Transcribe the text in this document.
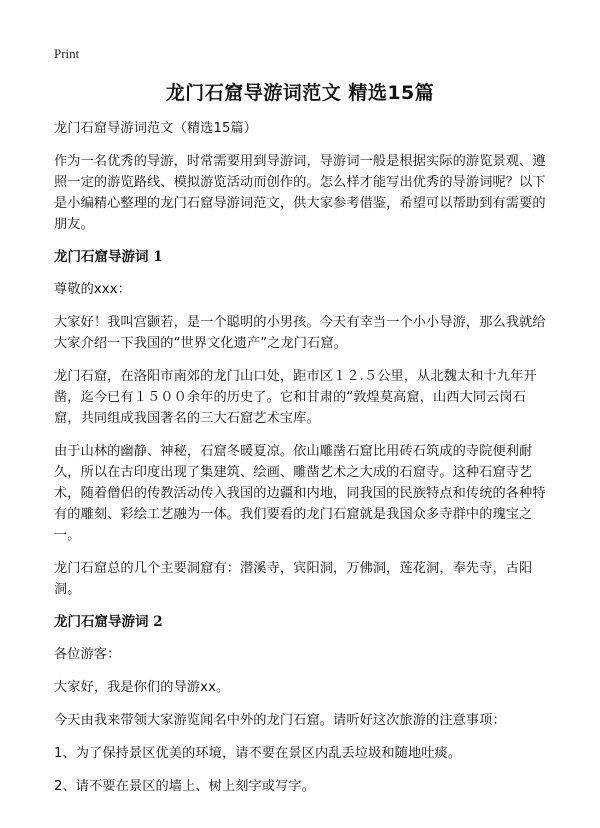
Print
龙门石窟导游词范文 精选15篇

龙门石窟导游词范文（精选15篇）

作为一名优秀的导游，时常需要用到导游词，导游词一般是根据实际的游览景观、遵照一定的游览路线、模拟游览活动而创作的。怎么样才能写出优秀的导游词呢？以下是小编精心整理的龙门石窟导游词范文，供大家参考借鉴，希望可以帮助到有需要的朋友。

龙门石窟导游词 1

尊敬的xxx：

大家好！我叫宫颢若，是一个聪明的小男孩。今天有幸当一个小小导游，那么我就给大家介绍一下我国的“世界文化遗产”之龙门石窟。

龙门石窟，在洛阳市南郊的龙门山口处，距市区１２.５公里，从北魏太和十九年开凿，迄今已有１５００余年的历史了。它和甘肃的“敦煌莫高窟，山西大同云岗石窟，共同组成我国著名的三大石窟艺术宝库。

由于山林的幽静、神秘，石窟冬暖夏凉。依山雕凿石窟比用砖石筑成的寺院便利耐久，所以在古印度出现了集建筑、绘画、雕凿艺术之大成的石窟寺。这种石窟寺艺术，随着僧侣的传教活动传入我国的边疆和内地，同我国的民族特点和传统的各种特有的雕刻、彩绘工艺融为一体。我们要看的龙门石窟就是我国众多寺群中的瑰宝之一。

龙门石窟总的几个主要洞窟有：潜溪寺，宾阳洞，万佛洞，莲花洞，奉先寺，古阳洞。

龙门石窟导游词 2

各位游客：

大家好，我是你们的导游xx。

今天由我来带领大家游览闻名中外的龙门石窟。请听好这次旅游的注意事项：

1、为了保持景区优美的环境，请不要在景区内乱丢垃圾和随地吐痰。

2、请不要在景区的墙上、树上刻字或写字。
